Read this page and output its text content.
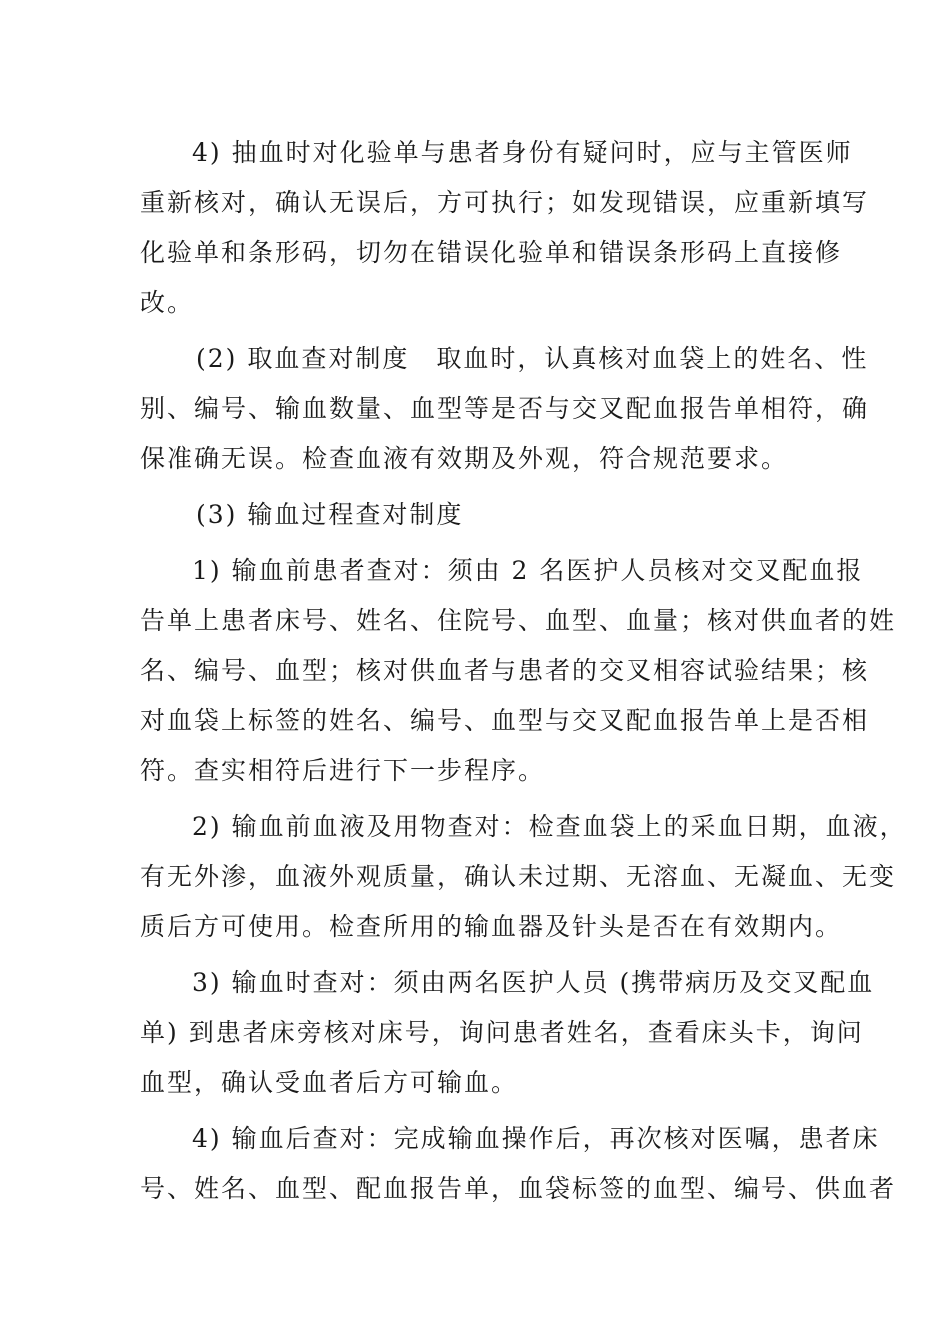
4) 抽血时对化验单与患者身份有疑问时，应与主管医师
重新核对，确认无误后，方可执行；如发现错误，应重新填写
化验单和条形码，切勿在错误化验单和错误条形码上直接修
改。
(2) 取血查对制度　取血时，认真核对血袋上的姓名、性
别、编号、输血数量、血型等是否与交叉配血报告单相符，确
保准确无误。检查血液有效期及外观，符合规范要求。
(3) 输血过程查对制度
1) 输血前患者查对：须由 2 名医护人员核对交叉配血报
告单上患者床号、姓名、住院号、血型、血量；核对供血者的姓
名、编号、血型；核对供血者与患者的交叉相容试验结果；核
对血袋上标签的姓名、编号、血型与交叉配血报告单上是否相
符。查实相符后进行下一步程序。
2) 输血前血液及用物查对：检查血袋上的采血日期，血液，
有无外渗，血液外观质量，确认未过期、无溶血、无凝血、无变
质后方可使用。检查所用的输血器及针头是否在有效期内。
3) 输血时查对：须由两名医护人员 (携带病历及交叉配血
单) 到患者床旁核对床号，询问患者姓名，查看床头卡，询问
血型，确认受血者后方可输血。
4) 输血后查对：完成输血操作后，再次核对医嘱，患者床
号、姓名、血型、配血报告单，血袋标签的血型、编号、供血者
